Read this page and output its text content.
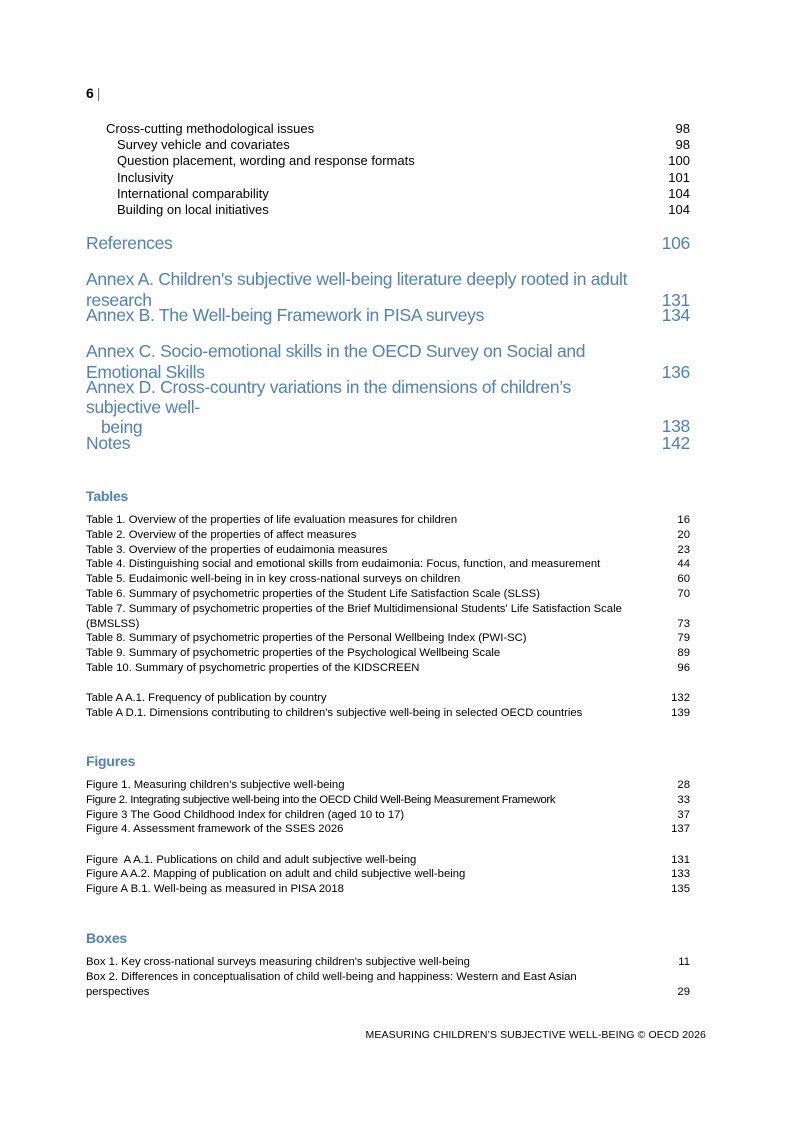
6 |
Cross-cutting methodological issues	98
Survey vehicle and covariates	98
Question placement, wording and response formats	100
Inclusivity	101
International comparability	104
Building on local initiatives	104
References	106
Annex A. Children's subjective well-being literature deeply rooted in adult research	131
Annex B. The Well-being Framework in PISA surveys	134
Annex C. Socio-emotional skills in the OECD Survey on Social and Emotional Skills	136
Annex D. Cross-country variations in the dimensions of children’s subjective well-
being	138
Notes	142
Tables
Table 1. Overview of the properties of life evaluation measures for children	16
Table 2. Overview of the properties of affect measures	20
Table 3. Overview of the properties of eudaimonia measures	23
Table 4. Distinguishing social and emotional skills from eudaimonia: Focus, function, and measurement	44
Table 5. Eudaimonic well-being in in key cross-national surveys on children	60
Table 6. Summary of psychometric properties of the Student Life Satisfaction Scale (SLSS)	70
Table 7. Summary of psychometric properties of the Brief Multidimensional Students' Life Satisfaction Scale
(BMSLSS)	73
Table 8. Summary of psychometric properties of the Personal Wellbeing Index (PWI-SC)	79
Table 9. Summary of psychometric properties of the Psychological Wellbeing Scale	89
Table 10. Summary of psychometric properties of the KIDSCREEN	96
Table A A.1. Frequency of publication by country	132
Table A D.1. Dimensions contributing to children's subjective well-being in selected OECD countries	139
Figures
Figure 1. Measuring children’s subjective well-being	28
Figure 2. Integrating subjective well-being into the OECD Child Well-Being Measurement Framework	33
Figure 3 The Good Childhood Index for children (aged 10 to 17)	37
Figure 4. Assessment framework of the SSES 2026	137
Figure  A A.1. Publications on child and adult subjective well-being	131
Figure A A.2. Mapping of publication on adult and child subjective well-being	133
Figure A B.1. Well-being as measured in PISA 2018	135
Boxes
Box 1. Key cross-national surveys measuring children's subjective well-being	11
Box 2. Differences in conceptualisation of child well-being and happiness: Western and East Asian
perspectives	29
MEASURING CHILDREN’S SUBJECTIVE WELL-BEING © OECD 2026
